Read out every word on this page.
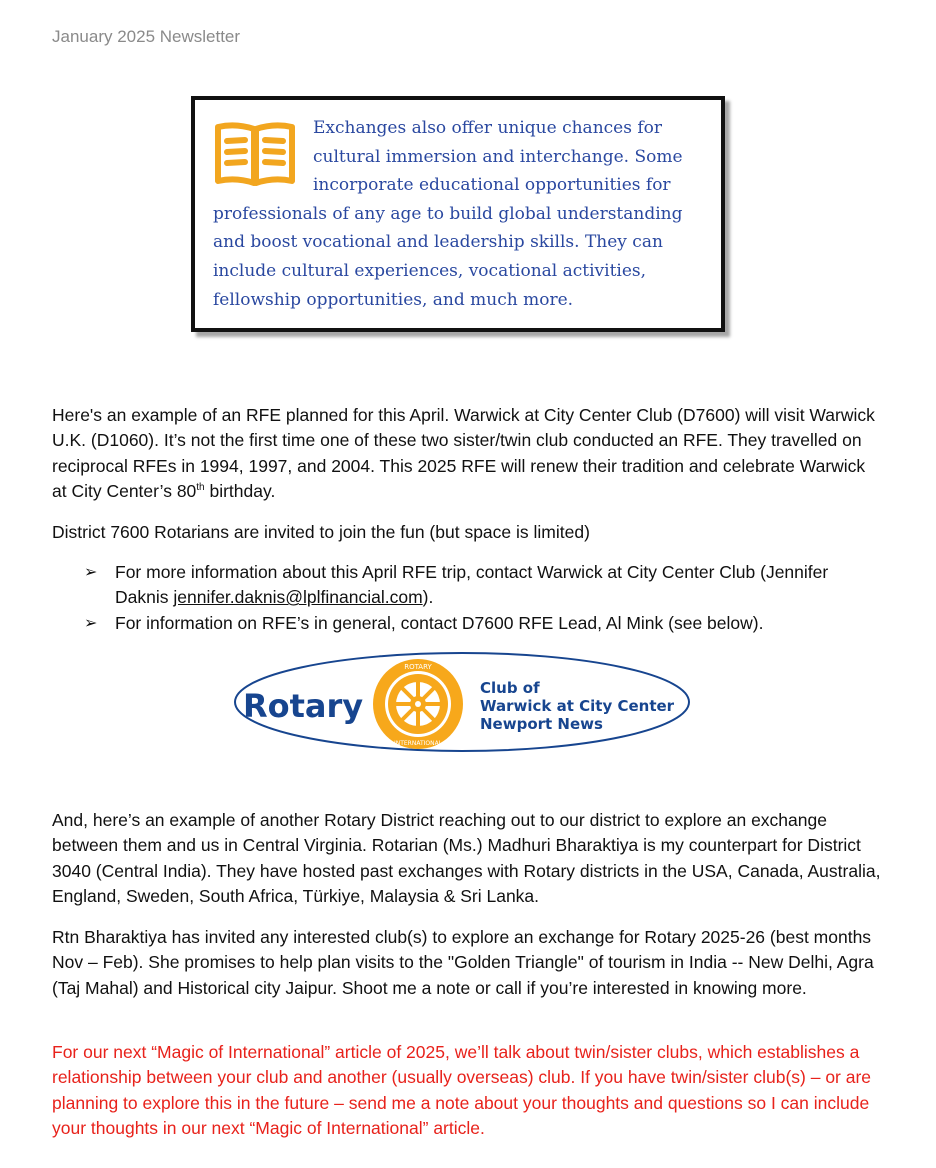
January 2025 Newsletter
Exchanges also offer unique chances for cultural immersion and interchange. Some incorporate educational opportunities for professionals of any age to build global understanding and boost vocational and leadership skills. They can include cultural experiences, vocational activities, fellowship opportunities, and much more.
Here's an example of an RFE planned for this April. Warwick at City Center Club (D7600) will visit Warwick U.K. (D1060). It’s not the first time one of these two sister/twin club conducted an RFE. They travelled on reciprocal RFEs in 1994, 1997, and 2004. This 2025 RFE will renew their tradition and celebrate Warwick at City Center’s 80th birthday.
District 7600 Rotarians are invited to join the fun (but space is limited)
➢ For more information about this April RFE trip, contact Warwick at City Center Club (Jennifer Daknis jennifer.daknis@lplfinancial.com).
➢ For information on RFE’s in general, contact D7600 RFE Lead, Al Mink (see below).
Rotary
ROTARY
INTERNATIONAL
Club of
Warwick at City Center
Newport News
And, here’s an example of another Rotary District reaching out to our district to explore an exchange between them and us in Central Virginia. Rotarian (Ms.) Madhuri Bharaktiya is my counterpart for District 3040 (Central India). They have hosted past exchanges with Rotary districts in the USA, Canada, Australia, England, Sweden, South Africa, Türkiye, Malaysia & Sri Lanka.
Rtn Bharaktiya has invited any interested club(s) to explore an exchange for Rotary 2025-26 (best months Nov – Feb). She promises to help plan visits to the "Golden Triangle" of tourism in India -- New Delhi, Agra (Taj Mahal) and Historical city Jaipur. Shoot me a note or call if you’re interested in knowing more.
For our next “Magic of International” article of 2025, we’ll talk about twin/sister clubs, which establishes a relationship between your club and another (usually overseas) club. If you have twin/sister club(s) – or are planning to explore this in the future – send me a note about your thoughts and questions so I can include your thoughts in our next “Magic of International” article.
